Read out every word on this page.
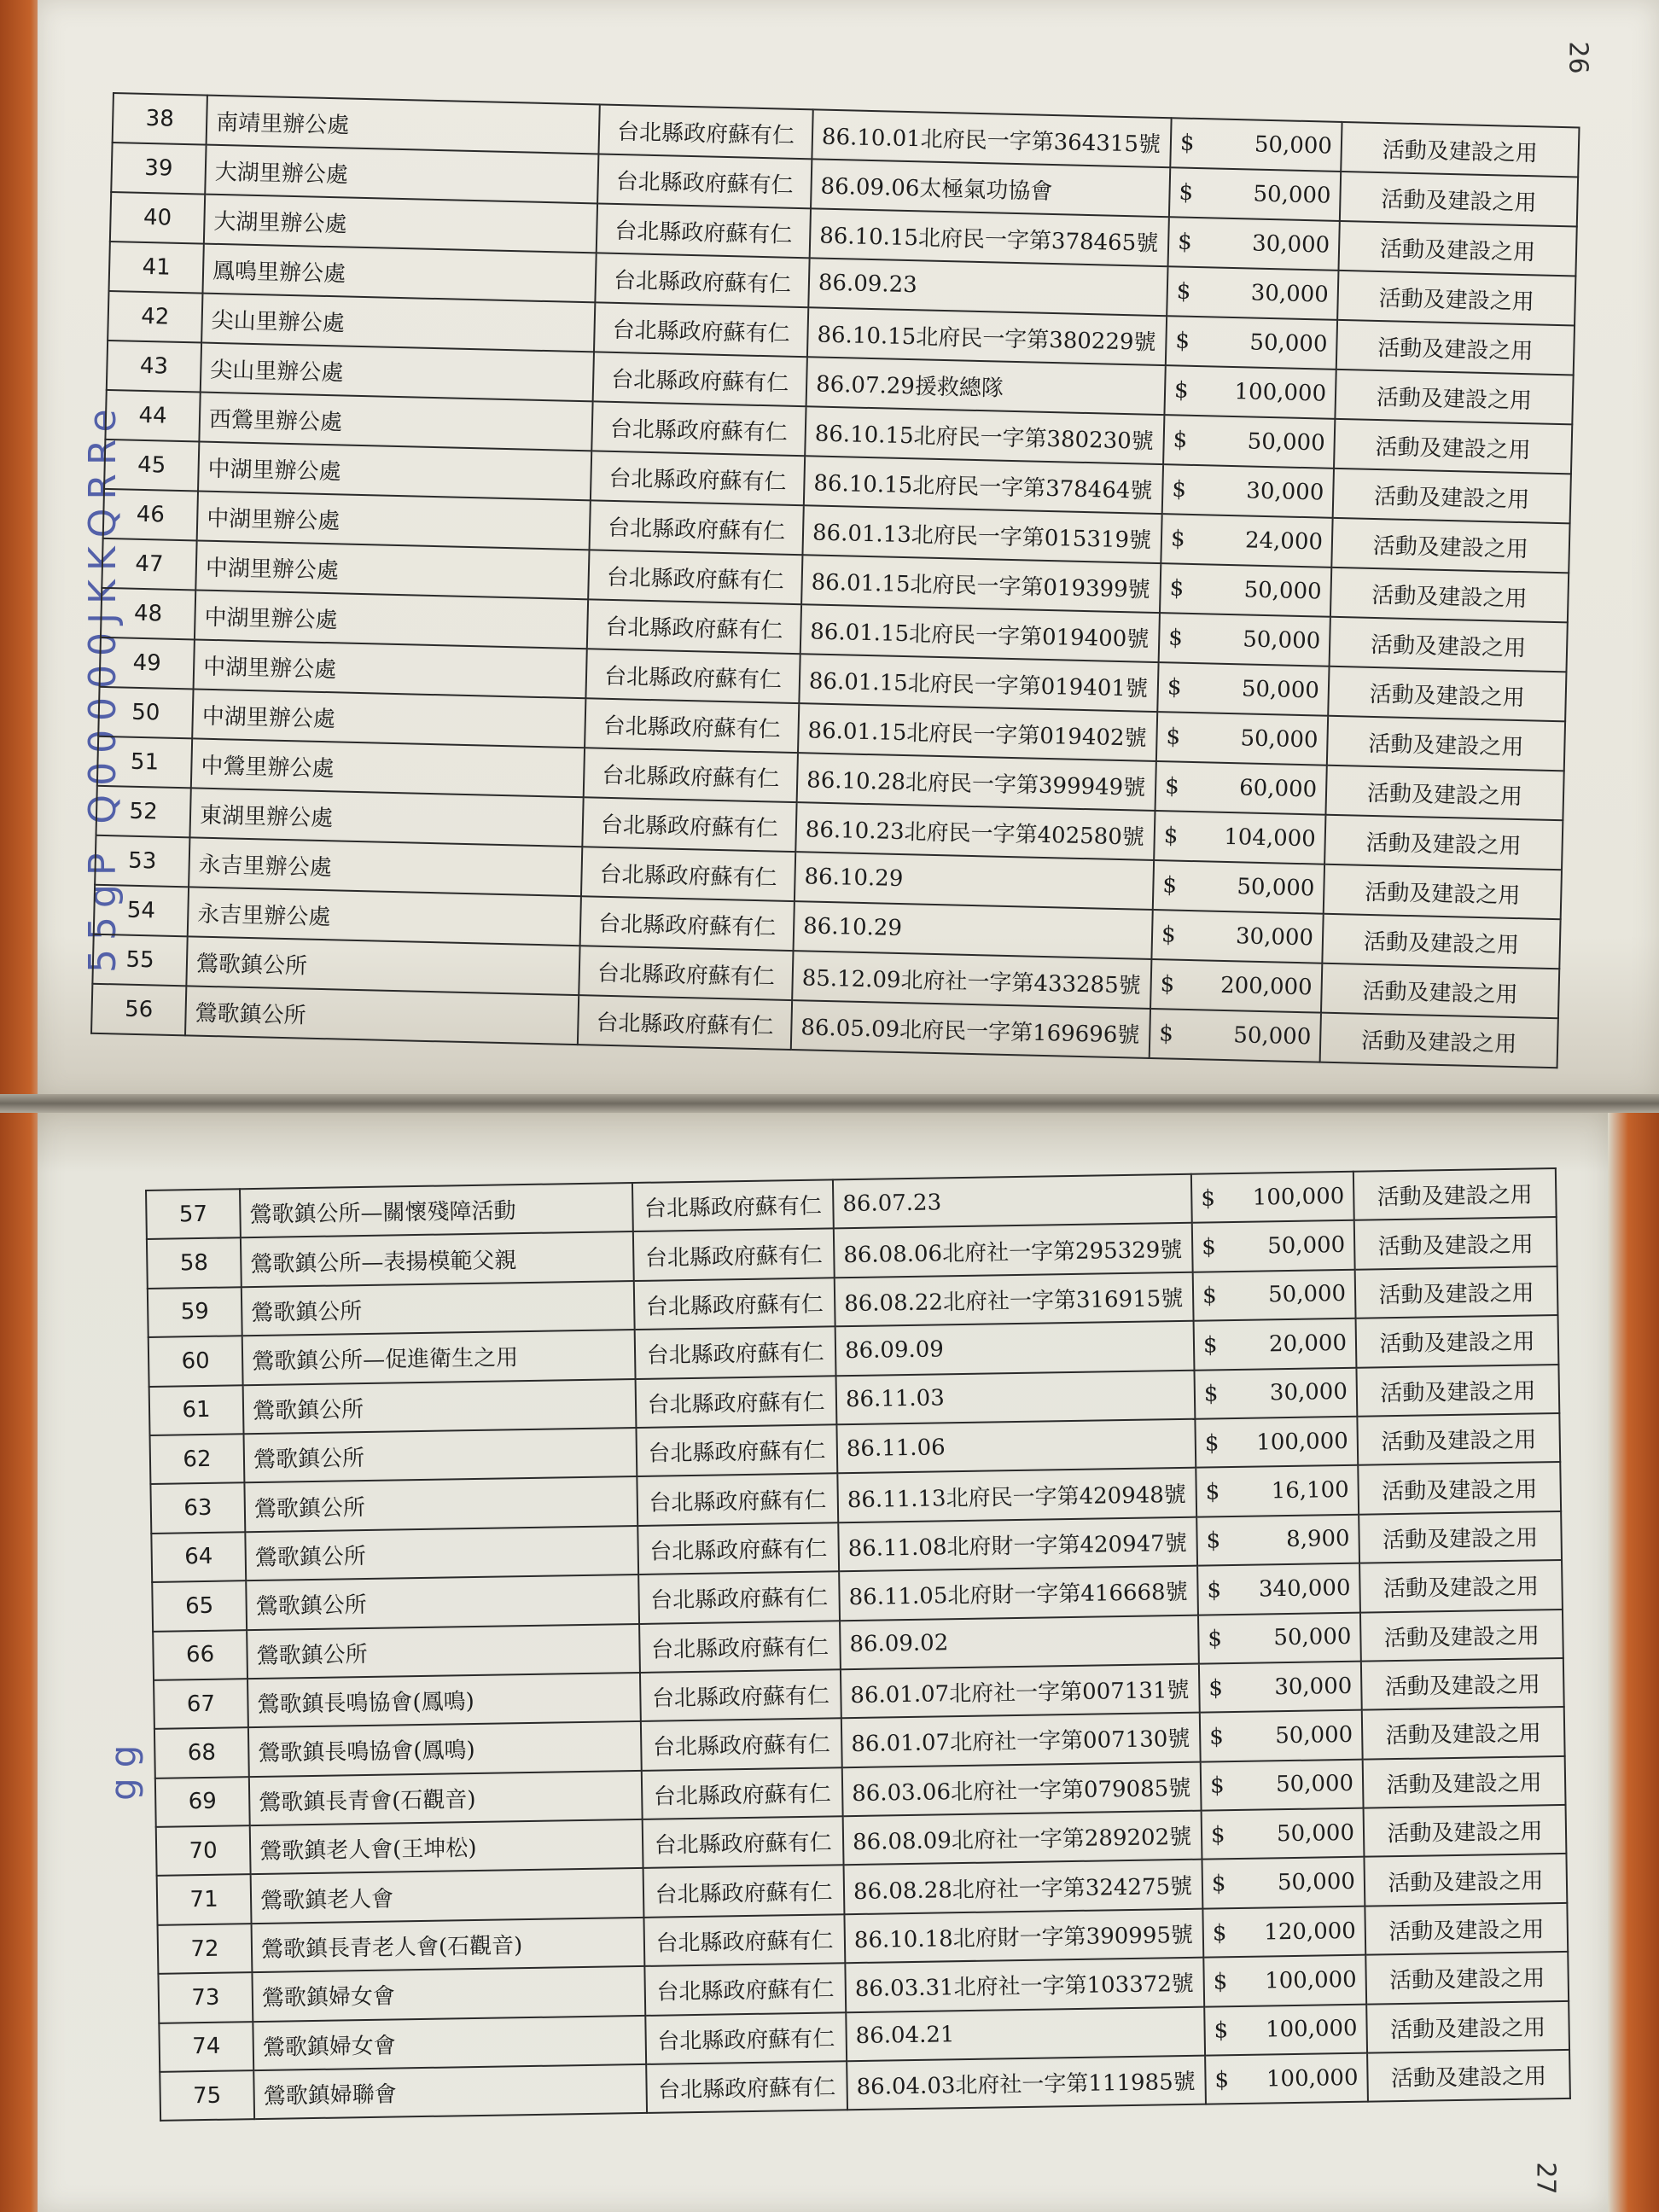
26
27
55gP Q00000JKKQRRe
gg
38	南靖里辦公處	台北縣政府蘇有仁	86.10.01北府民一字第364315號	$ 50,000	活動及建設之用
39	大湖里辦公處	台北縣政府蘇有仁	86.09.06太極氣功協會	$ 50,000	活動及建設之用
40	大湖里辦公處	台北縣政府蘇有仁	86.10.15北府民一字第378465號	$ 30,000	活動及建設之用
41	鳳鳴里辦公處	台北縣政府蘇有仁	86.09.23	$ 30,000	活動及建設之用
42	尖山里辦公處	台北縣政府蘇有仁	86.10.15北府民一字第380229號	$ 50,000	活動及建設之用
43	尖山里辦公處	台北縣政府蘇有仁	86.07.29援救總隊	$ 100,000	活動及建設之用
44	西鶯里辦公處	台北縣政府蘇有仁	86.10.15北府民一字第380230號	$ 50,000	活動及建設之用
45	中湖里辦公處	台北縣政府蘇有仁	86.10.15北府民一字第378464號	$ 30,000	活動及建設之用
46	中湖里辦公處	台北縣政府蘇有仁	86.01.13北府民一字第015319號	$ 24,000	活動及建設之用
47	中湖里辦公處	台北縣政府蘇有仁	86.01.15北府民一字第019399號	$ 50,000	活動及建設之用
48	中湖里辦公處	台北縣政府蘇有仁	86.01.15北府民一字第019400號	$ 50,000	活動及建設之用
49	中湖里辦公處	台北縣政府蘇有仁	86.01.15北府民一字第019401號	$ 50,000	活動及建設之用
50	中湖里辦公處	台北縣政府蘇有仁	86.01.15北府民一字第019402號	$ 50,000	活動及建設之用
51	中鶯里辦公處	台北縣政府蘇有仁	86.10.28北府民一字第399949號	$ 60,000	活動及建設之用
52	東湖里辦公處	台北縣政府蘇有仁	86.10.23北府民一字第402580號	$ 104,000	活動及建設之用
53	永吉里辦公處	台北縣政府蘇有仁	86.10.29	$ 50,000	活動及建設之用
54	永吉里辦公處	台北縣政府蘇有仁	86.10.29	$ 30,000	活動及建設之用
55	鶯歌鎮公所	台北縣政府蘇有仁	85.12.09北府社一字第433285號	$ 200,000	活動及建設之用
56	鶯歌鎮公所	台北縣政府蘇有仁	86.05.09北府民一字第169696號	$ 50,000	活動及建設之用
57	鶯歌鎮公所—關懷殘障活動	台北縣政府蘇有仁	86.07.23	$ 100,000	活動及建設之用
58	鶯歌鎮公所—表揚模範父親	台北縣政府蘇有仁	86.08.06北府社一字第295329號	$ 50,000	活動及建設之用
59	鶯歌鎮公所	台北縣政府蘇有仁	86.08.22北府社一字第316915號	$ 50,000	活動及建設之用
60	鶯歌鎮公所—促進衛生之用	台北縣政府蘇有仁	86.09.09	$ 20,000	活動及建設之用
61	鶯歌鎮公所	台北縣政府蘇有仁	86.11.03	$ 30,000	活動及建設之用
62	鶯歌鎮公所	台北縣政府蘇有仁	86.11.06	$ 100,000	活動及建設之用
63	鶯歌鎮公所	台北縣政府蘇有仁	86.11.13北府民一字第420948號	$ 16,100	活動及建設之用
64	鶯歌鎮公所	台北縣政府蘇有仁	86.11.08北府財一字第420947號	$ 8,900	活動及建設之用
65	鶯歌鎮公所	台北縣政府蘇有仁	86.11.05北府財一字第416668號	$ 340,000	活動及建設之用
66	鶯歌鎮公所	台北縣政府蘇有仁	86.09.02	$ 50,000	活動及建設之用
67	鶯歌鎮長鳴協會(鳳鳴)	台北縣政府蘇有仁	86.01.07北府社一字第007131號	$ 30,000	活動及建設之用
68	鶯歌鎮長鳴協會(鳳鳴)	台北縣政府蘇有仁	86.01.07北府社一字第007130號	$ 50,000	活動及建設之用
69	鶯歌鎮長青會(石觀音)	台北縣政府蘇有仁	86.03.06北府社一字第079085號	$ 50,000	活動及建設之用
70	鶯歌鎮老人會(王坤松)	台北縣政府蘇有仁	86.08.09北府社一字第289202號	$ 50,000	活動及建設之用
71	鶯歌鎮老人會	台北縣政府蘇有仁	86.08.28北府社一字第324275號	$ 50,000	活動及建設之用
72	鶯歌鎮長青老人會(石觀音)	台北縣政府蘇有仁	86.10.18北府財一字第390995號	$ 120,000	活動及建設之用
73	鶯歌鎮婦女會	台北縣政府蘇有仁	86.03.31北府社一字第103372號	$ 100,000	活動及建設之用
74	鶯歌鎮婦女會	台北縣政府蘇有仁	86.04.21	$ 100,000	活動及建設之用
75	鶯歌鎮婦聯會	台北縣政府蘇有仁	86.04.03北府社一字第111985號	$ 100,000	活動及建設之用
